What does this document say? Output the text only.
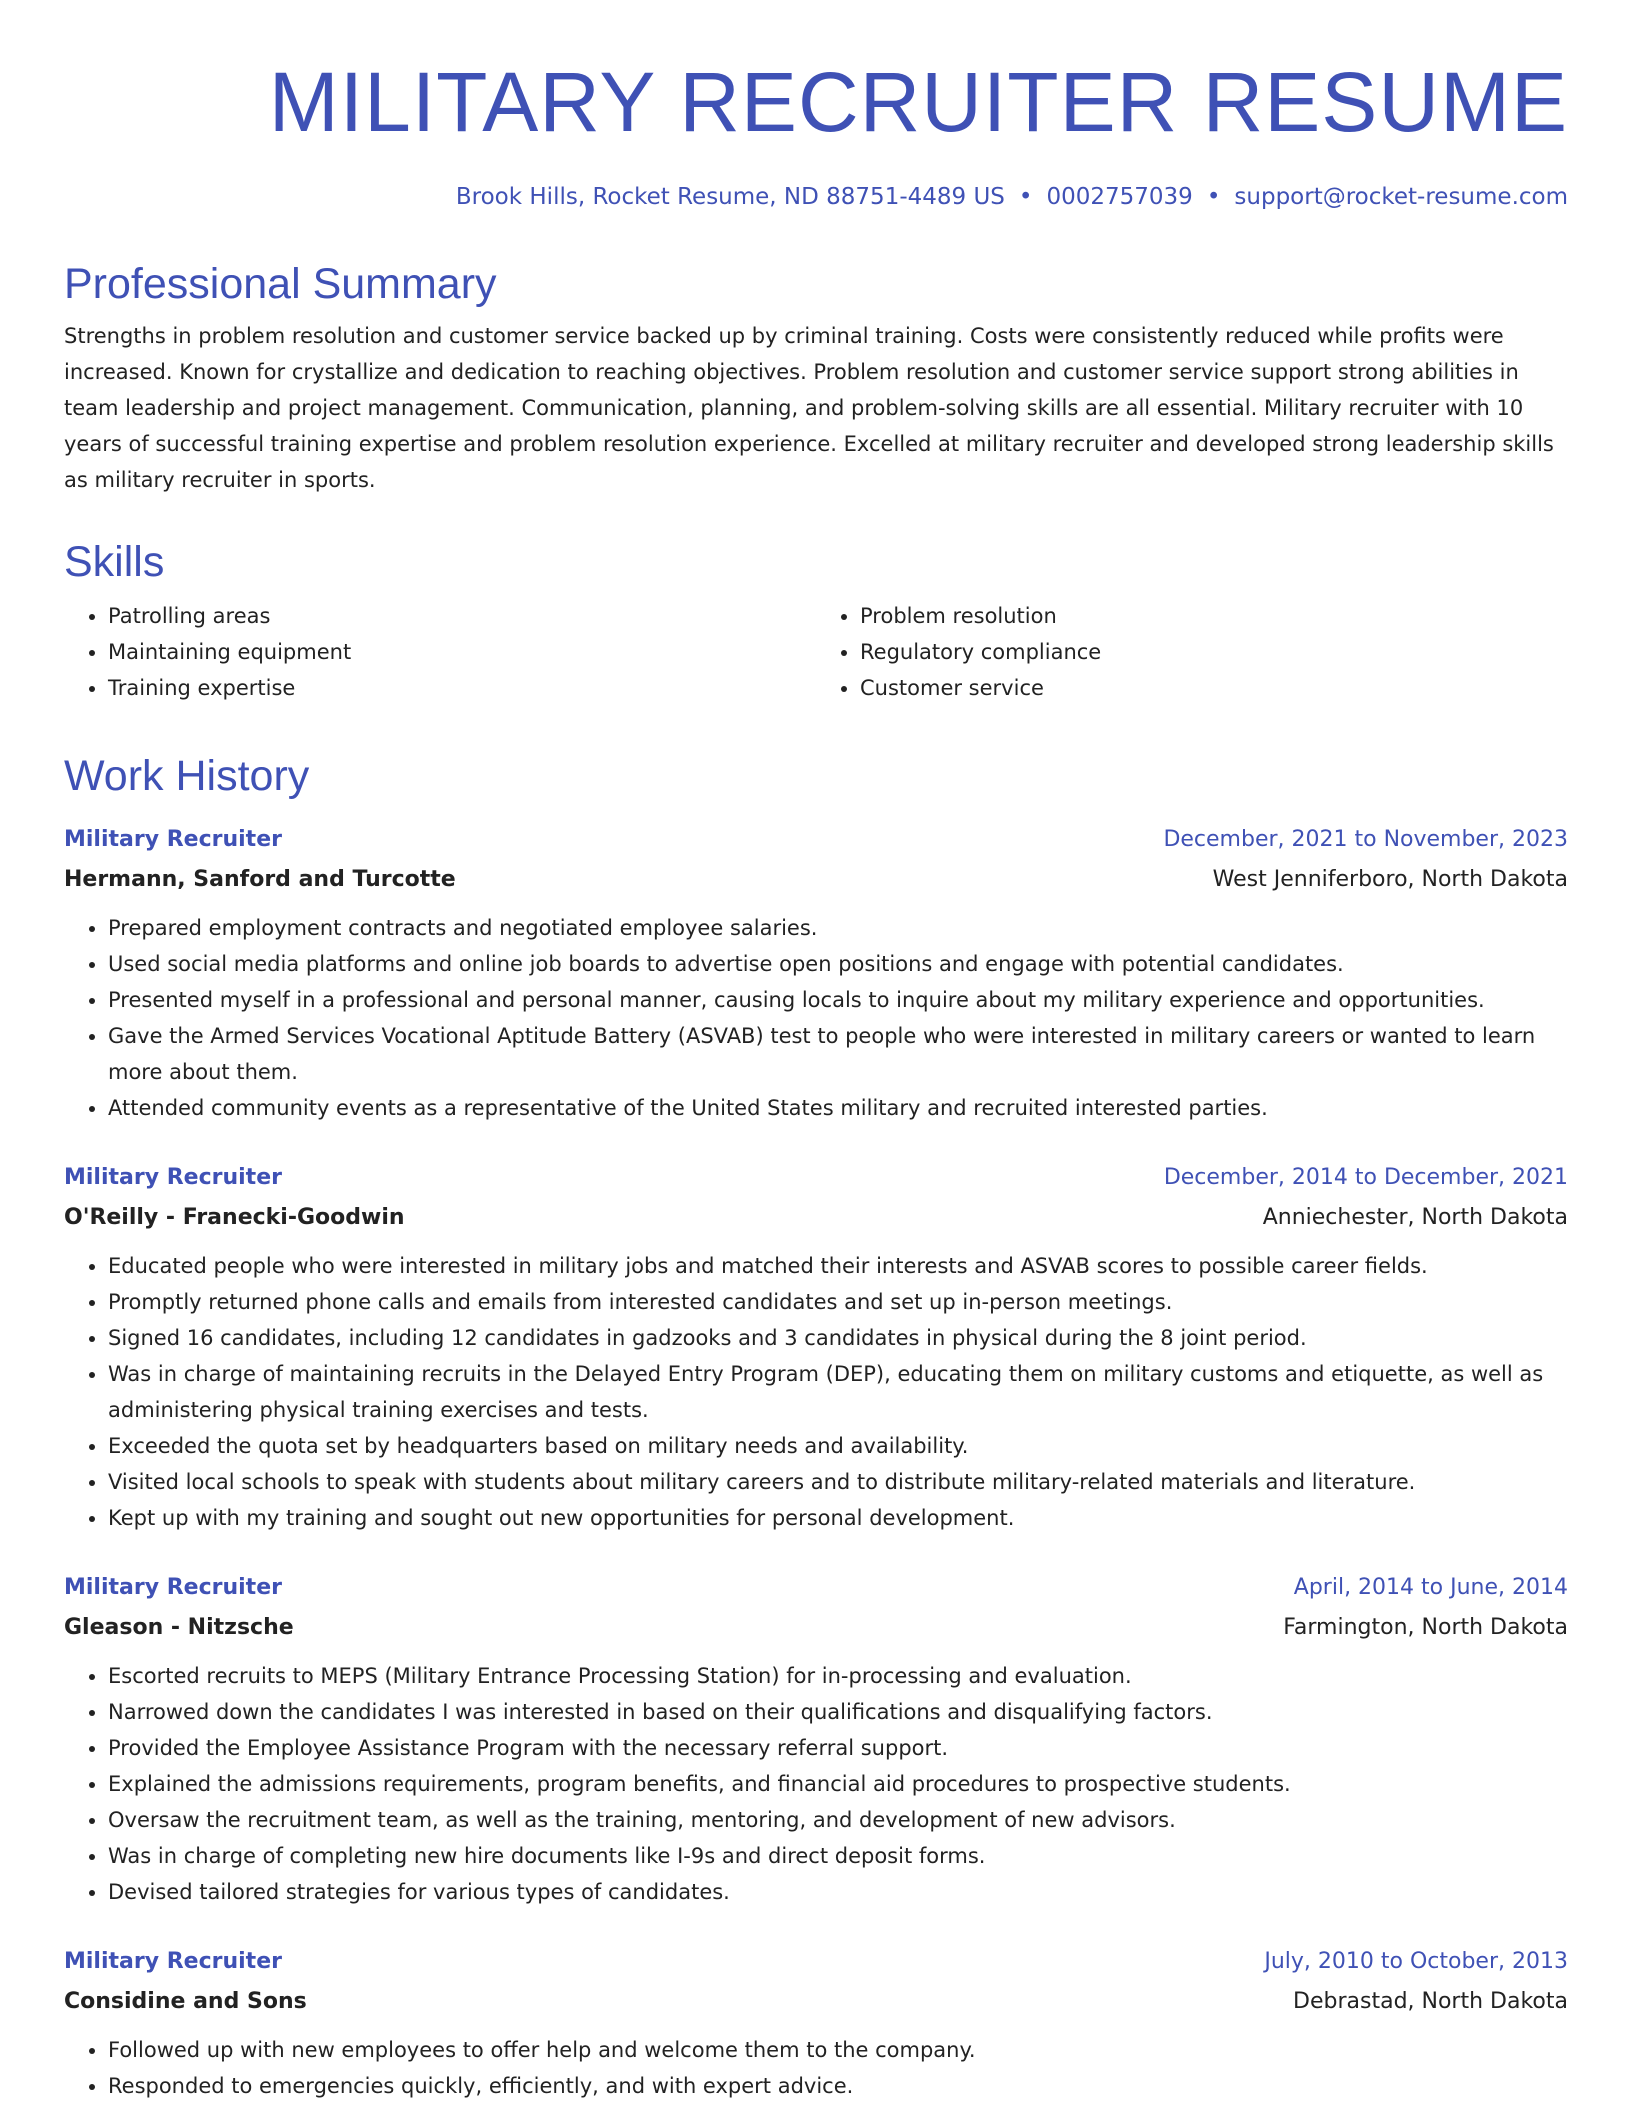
MILITARY RECRUITER RESUME
Brook Hills, Rocket Resume, ND 88751-4489 US • 0002757039 • support@rocket-resume.com
Professional Summary
Strengths in problem resolution and customer service backed up by criminal training. Costs were consistently reduced while profits were increased. Known for crystallize and dedication to reaching objectives. Problem resolution and customer service support strong abilities in team leadership and project management. Communication, planning, and problem-solving skills are all essential. Military recruiter with 10 years of successful training expertise and problem resolution experience. Excelled at military recruiter and developed strong leadership skills as military recruiter in sports.
Skills
• Patrolling areas
• Maintaining equipment
• Training expertise
• Problem resolution
• Regulatory compliance
• Customer service
Work History
Military Recruiter	December, 2021 to November, 2023
Hermann, Sanford and Turcotte	West Jenniferboro, North Dakota
• Prepared employment contracts and negotiated employee salaries.
• Used social media platforms and online job boards to advertise open positions and engage with potential candidates.
• Presented myself in a professional and personal manner, causing locals to inquire about my military experience and opportunities.
• Gave the Armed Services Vocational Aptitude Battery (ASVAB) test to people who were interested in military careers or wanted to learn more about them.
• Attended community events as a representative of the United States military and recruited interested parties.
Military Recruiter	December, 2014 to December, 2021
O'Reilly - Franecki-Goodwin	Anniechester, North Dakota
• Educated people who were interested in military jobs and matched their interests and ASVAB scores to possible career fields.
• Promptly returned phone calls and emails from interested candidates and set up in-person meetings.
• Signed 16 candidates, including 12 candidates in gadzooks and 3 candidates in physical during the 8 joint period.
• Was in charge of maintaining recruits in the Delayed Entry Program (DEP), educating them on military customs and etiquette, as well as administering physical training exercises and tests.
• Exceeded the quota set by headquarters based on military needs and availability.
• Visited local schools to speak with students about military careers and to distribute military-related materials and literature.
• Kept up with my training and sought out new opportunities for personal development.
Military Recruiter	April, 2014 to June, 2014
Gleason - Nitzsche	Farmington, North Dakota
• Escorted recruits to MEPS (Military Entrance Processing Station) for in-processing and evaluation.
• Narrowed down the candidates I was interested in based on their qualifications and disqualifying factors.
• Provided the Employee Assistance Program with the necessary referral support.
• Explained the admissions requirements, program benefits, and financial aid procedures to prospective students.
• Oversaw the recruitment team, as well as the training, mentoring, and development of new advisors.
• Was in charge of completing new hire documents like I-9s and direct deposit forms.
• Devised tailored strategies for various types of candidates.
Military Recruiter	July, 2010 to October, 2013
Considine and Sons	Debrastad, North Dakota
• Followed up with new employees to offer help and welcome them to the company.
• Responded to emergencies quickly, efficiently, and with expert advice.
